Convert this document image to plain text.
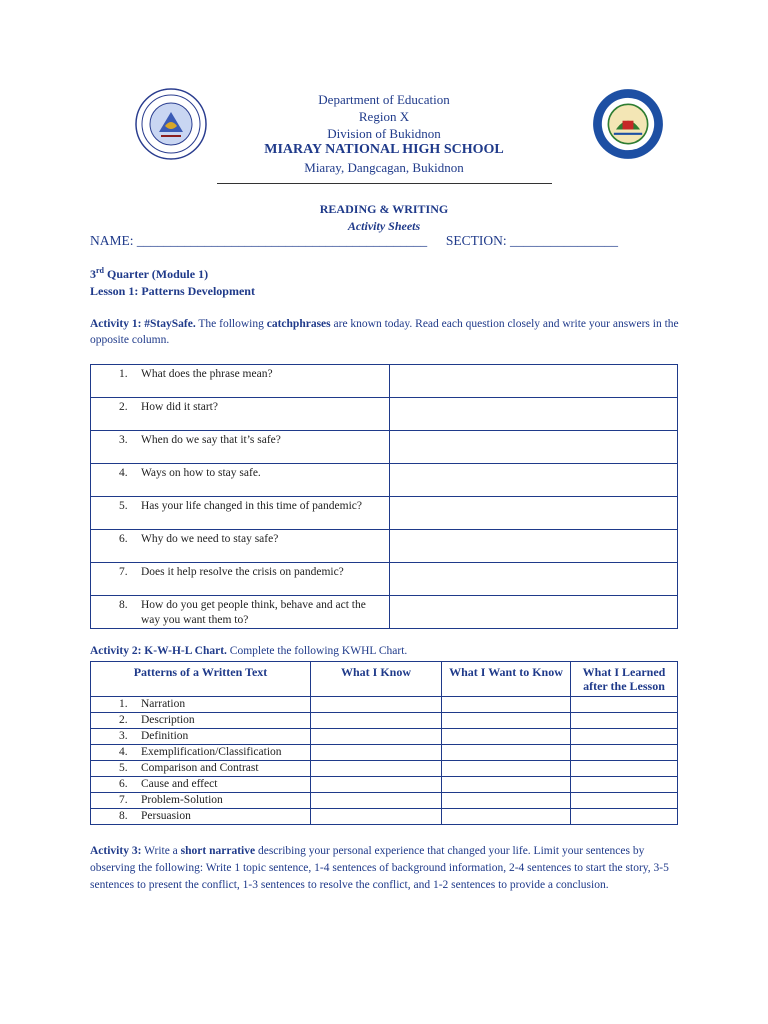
Department of Education
Region X
Division of Bukidnon
MIARAY NATIONAL HIGH SCHOOL
Miaray, Dangcagan, Bukidnon
READING & WRITING
Activity Sheets
NAME: ___________________________________________ SECTION: ________________
3rd Quarter (Module 1)
Lesson 1: Patterns Development
Activity 1: #StaySafe. The following catchphrases are known today. Read each question closely and write your answers in the opposite column.
1. What does the phrase mean?	

2. How did it start?	

3. When do we say that it’s safe?	

4. Ways on how to stay safe.	

5. Has your life changed in this time of pandemic?	

6. Why do we need to stay safe?	

7. Does it help resolve the crisis on pandemic?	

8. How do you get people think, behave and act the way you want them to?	

Activity 2: K-W-H-L Chart. Complete the following KWHL Chart.
Patterns of a Written Text	What I Know	What I Want to Know	What I Learned after the Lesson

1. Narration			

2. Description			

3. Definition			

4. Exemplification/Classification			

5. Comparison and Contrast			

6. Cause and effect			

7. Problem-Solution			

8. Persuasion			

Activity 3: Write a short narrative describing your personal experience that changed your life. Limit your sentences by observing the following: Write 1 topic sentence, 1-4 sentences of background information, 2-4 sentences to start the story, 3-5 sentences to present the conflict, 1-3 sentences to resolve the conflict, and 1-2 sentences to provide a conclusion.
